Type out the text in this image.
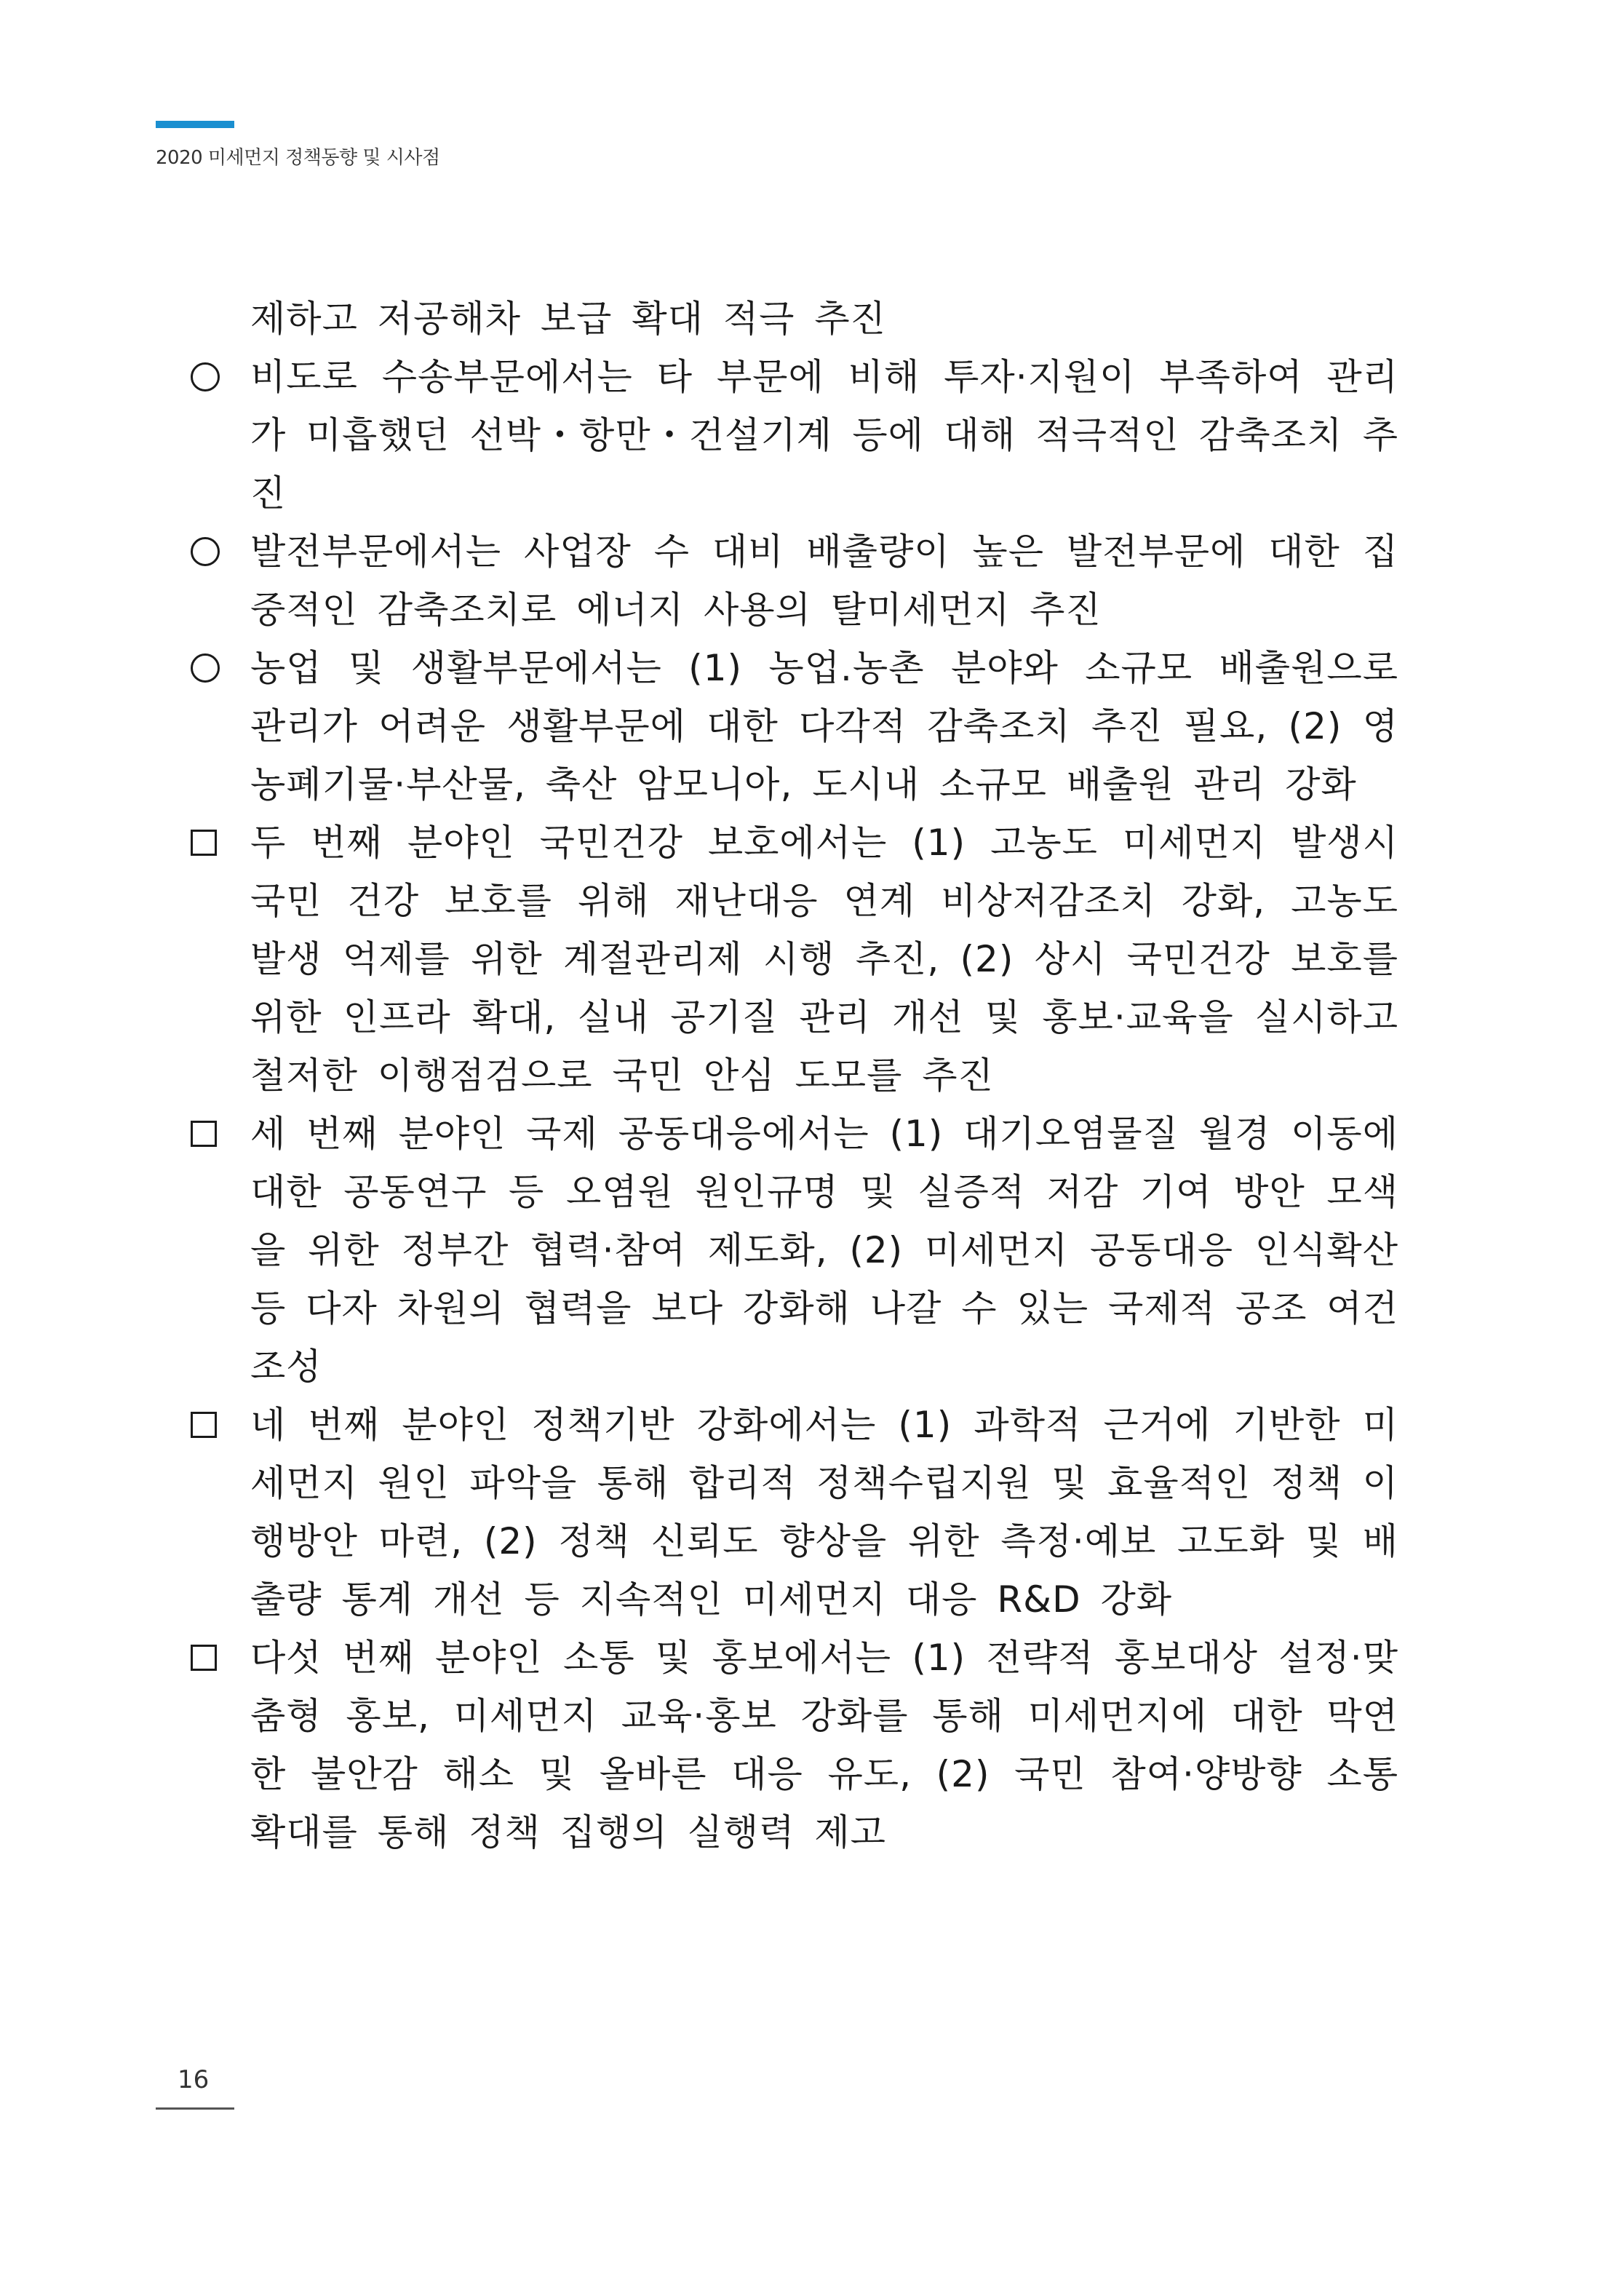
2020 미세먼지 정책동향 및 시사점
제하고 저공해차 보급 확대 적극 추진
비도로 수송부문에서는 타 부문에 비해 투자·지원이 부족하여 관리가 미흡했던 선박・항만・건설기계 등에 대해 적극적인 감축조치 추진
발전부문에서는 사업장 수 대비 배출량이 높은 발전부문에 대한 집중적인 감축조치로 에너지 사용의 탈미세먼지 추진
농업 및 생활부문에서는 (1) 농업.농촌 분야와 소규모 배출원으로 관리가 어려운 생활부문에 대한 다각적 감축조치 추진 필요, (2) 영농폐기물·부산물, 축산 암모니아, 도시내 소규모 배출원 관리 강화
두 번째 분야인 국민건강 보호에서는 (1) 고농도 미세먼지 발생시 국민 건강 보호를 위해 재난대응 연계 비상저감조치 강화, 고농도 발생 억제를 위한 계절관리제 시행 추진, (2) 상시 국민건강 보호를 위한 인프라 확대, 실내 공기질 관리 개선 및 홍보·교육을 실시하고 철저한 이행점검으로 국민 안심 도모를 추진
세 번째 분야인 국제 공동대응에서는 (1) 대기오염물질 월경 이동에 대한 공동연구 등 오염원 원인규명 및 실증적 저감 기여 방안 모색을 위한 정부간 협력·참여 제도화, (2) 미세먼지 공동대응 인식확산 등 다자 차원의 협력을 보다 강화해 나갈 수 있는 국제적 공조 여건 조성
네 번째 분야인 정책기반 강화에서는 (1) 과학적 근거에 기반한 미세먼지 원인 파악을 통해 합리적 정책수립지원 및 효율적인 정책 이행방안 마련, (2) 정책 신뢰도 향상을 위한 측정·예보 고도화 및 배출량 통계 개선 등 지속적인 미세먼지 대응 R&D 강화
다섯 번째 분야인 소통 및 홍보에서는 (1) 전략적 홍보대상 설정·맞춤형 홍보, 미세먼지 교육·홍보 강화를 통해 미세먼지에 대한 막연한 불안감 해소 및 올바른 대응 유도, (2) 국민 참여·양방향 소통 확대를 통해 정책 집행의 실행력 제고
16
